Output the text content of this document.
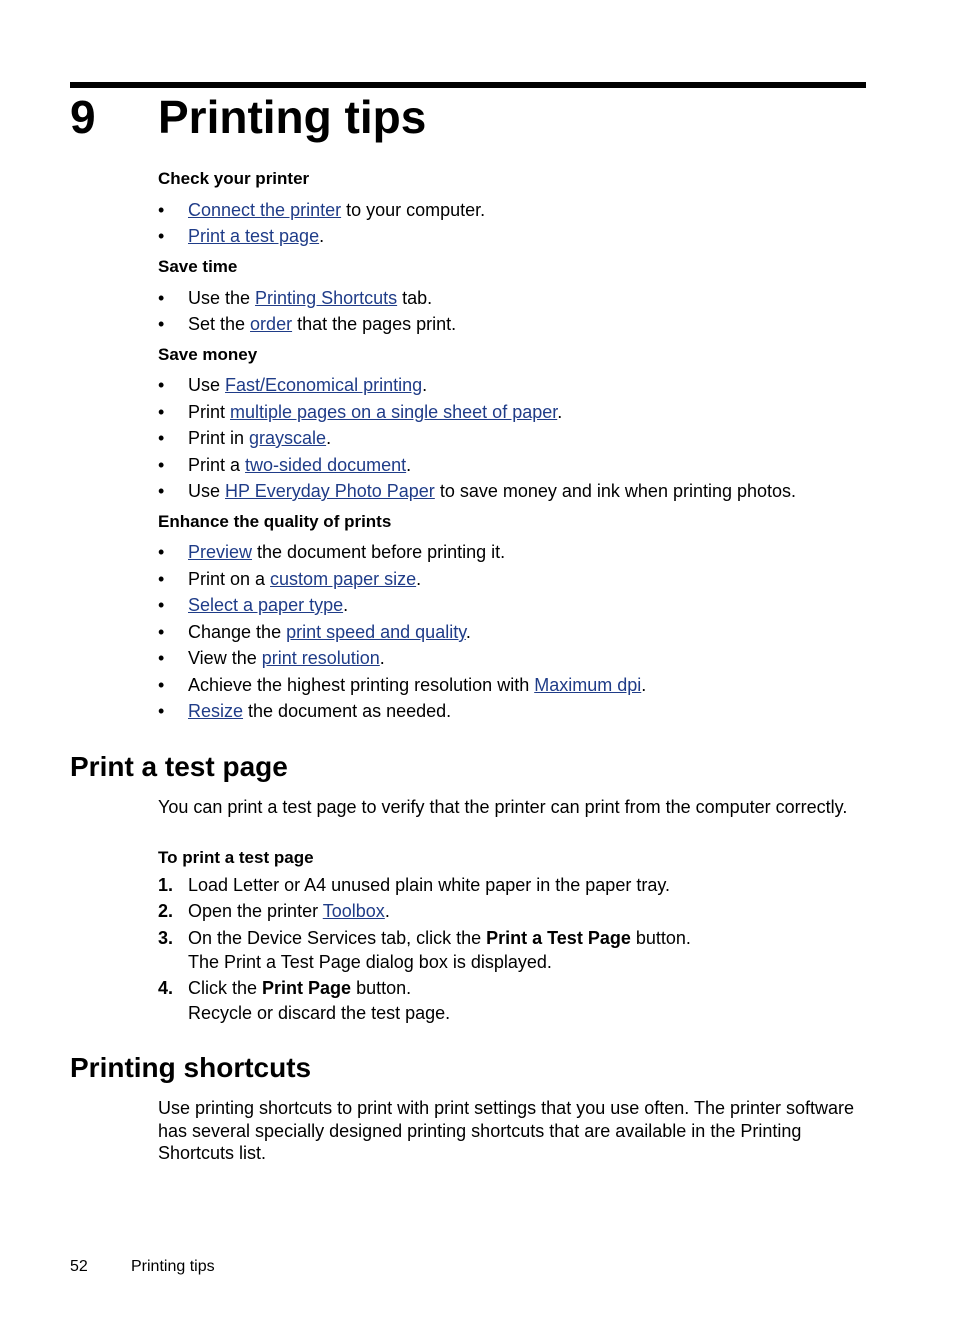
9 Printing tips
Check your printer
• Connect the printer to your computer.
• Print a test page.
Save time
• Use the Printing Shortcuts tab.
• Set the order that the pages print.
Save money
• Use Fast/Economical printing.
• Print multiple pages on a single sheet of paper.
• Print in grayscale.
• Print a two-sided document.
• Use HP Everyday Photo Paper to save money and ink when printing photos.
Enhance the quality of prints
• Preview the document before printing it.
• Print on a custom paper size.
• Select a paper type.
• Change the print speed and quality.
• View the print resolution.
• Achieve the highest printing resolution with Maximum dpi.
• Resize the document as needed.
Print a test page
You can print a test page to verify that the printer can print from the computer correctly.
To print a test page
1. Load Letter or A4 unused plain white paper in the paper tray.
2. Open the printer Toolbox.
3. On the Device Services tab, click the Print a Test Page button.
The Print a Test Page dialog box is displayed.
4. Click the Print Page button.
Recycle or discard the test page.
Printing shortcuts
Use printing shortcuts to print with print settings that you use often. The printer software has several specially designed printing shortcuts that are available in the Printing Shortcuts list.
52	Printing tips
